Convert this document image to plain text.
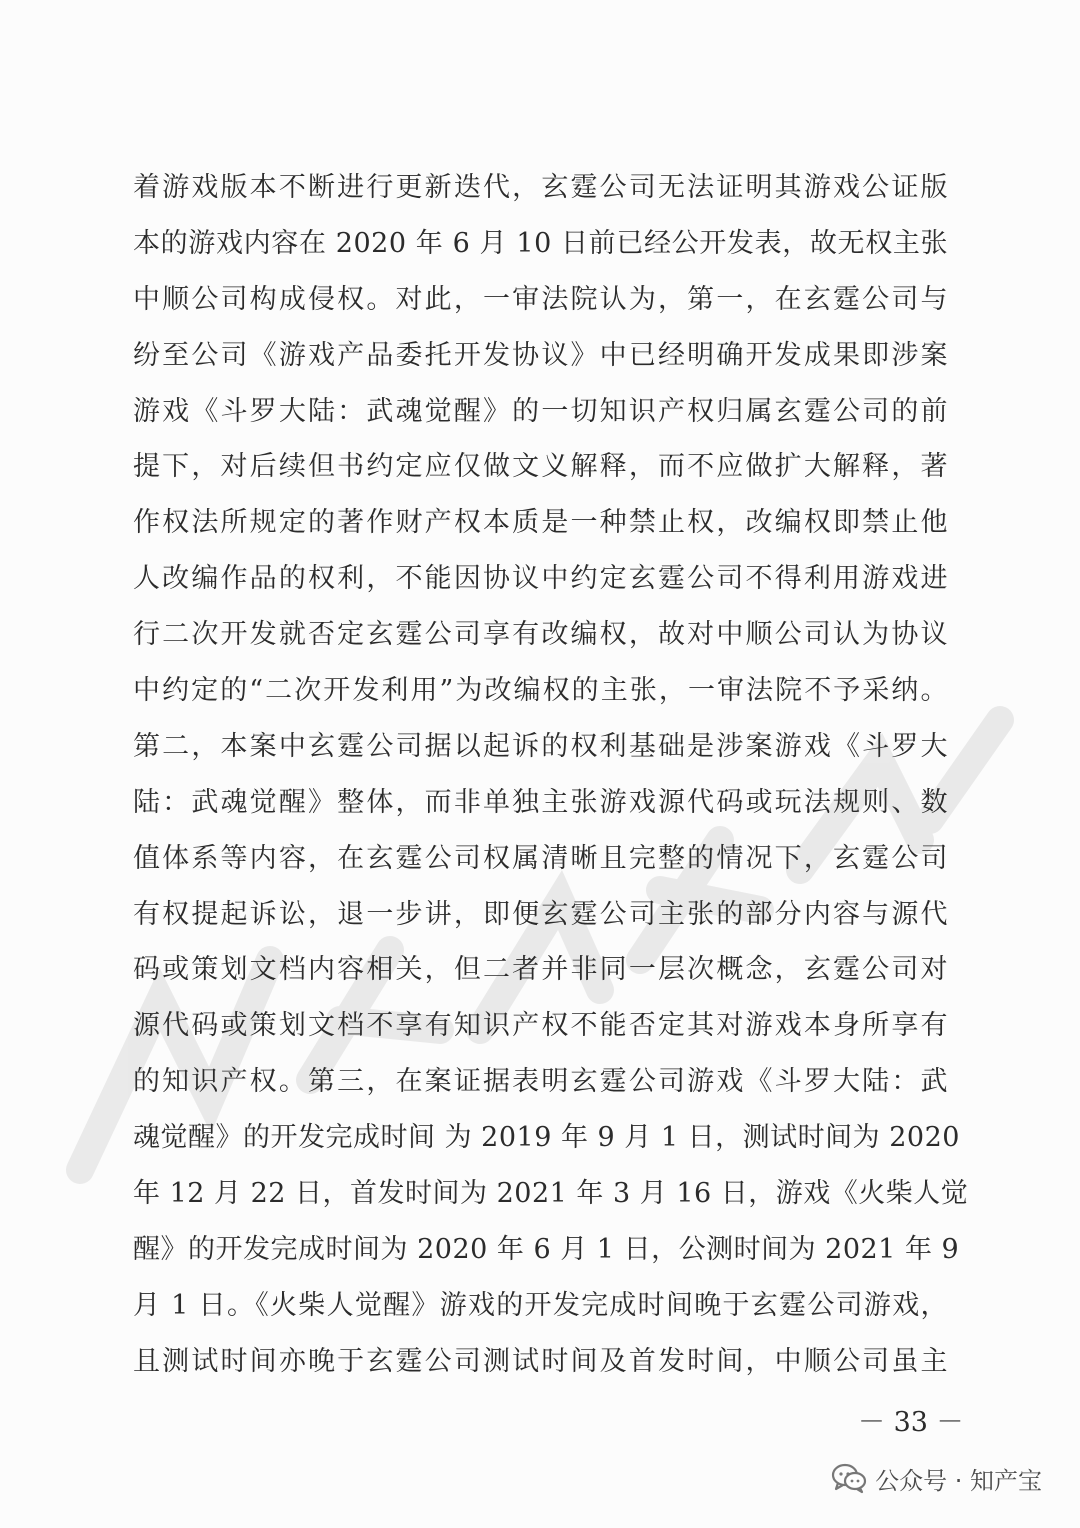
着游戏版本不断进行更新迭代，玄霆公司无法证明其游戏公证版
本的游戏内容在 2020 年 6 月 10 日前已经公开发表，故无权主张
中顺公司构成侵权。对此，一审法院认为，第一，在玄霆公司与
纷至公司《游戏产品委托开发协议》中已经明确开发成果即涉案
游戏《斗罗大陆：武魂觉醒》的一切知识产权归属玄霆公司的前
提下，对后续但书约定应仅做文义解释，而不应做扩大解释，著
作权法所规定的著作财产权本质是一种禁止权，改编权即禁止他
人改编作品的权利，不能因协议中约定玄霆公司不得利用游戏进
行二次开发就否定玄霆公司享有改编权，故对中顺公司认为协议
中约定的“二次开发利用”为改编权的主张，一审法院不予采纳。
第二，本案中玄霆公司据以起诉的权利基础是涉案游戏《斗罗大
陆：武魂觉醒》整体，而非单独主张游戏源代码或玩法规则、数
值体系等内容，在玄霆公司权属清晰且完整的情况下，玄霆公司
有权提起诉讼，退一步讲，即便玄霆公司主张的部分内容与源代
码或策划文档内容相关，但二者并非同一层次概念，玄霆公司对
源代码或策划文档不享有知识产权不能否定其对游戏本身所享有
的知识产权。第三，在案证据表明玄霆公司游戏《斗罗大陆：武
魂觉醒》的开发完成时间 为 2019 年 9 月 1 日，测试时间为 2020
年 12 月 22 日，首发时间为 2021 年 3 月 16 日，游戏《火柴人觉
醒》的开发完成时间为 2020 年 6 月 1 日，公测时间为 2021 年 9
月 1 日。《火柴人觉醒》游戏的开发完成时间晚于玄霆公司游戏，
且测试时间亦晚于玄霆公司测试时间及首发时间，中顺公司虽主
－ 33 －
公众号 · 知产宝
